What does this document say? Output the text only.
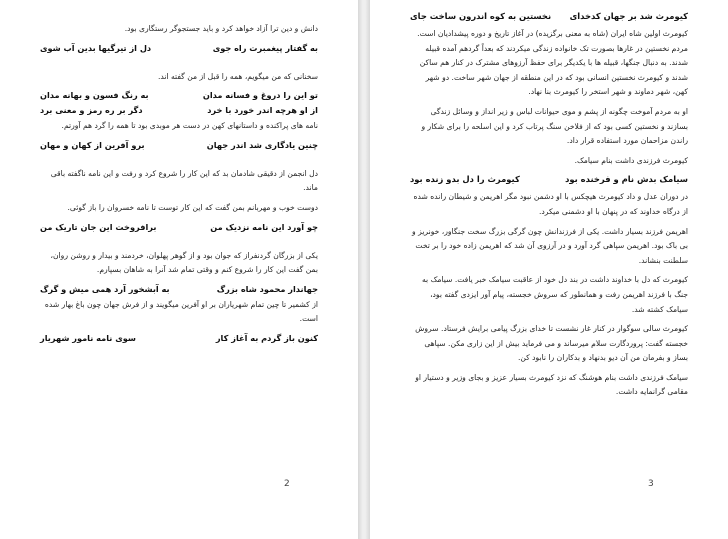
دانش و دین ترا آزاد خواهد کرد و باید جستجوگر رستگاری بود.

به گفتار پیغمبرت راه جوی
دل از تیرگیها بدین آب شوی

سخنانی که من میگویم، همه را قبل از من گفته اند.

تو این را دروغ و فسانه مدان
به رنگ فسون و بهانه مدان
از او هرچه اندر خورد با خرد
دگر بر ره رمز و معنی برد

نامه های پراکنده و داستانهای کهن در دست هر موبدی بود تا همه را گرد هم آورتم.

چنین یادگاری شد اندر جهان
برو آفرین از کهان و مهان

دل انجمن از دقیقی شادمان بد که این کار را شروع کرد و رفت و این نامه ناگفته باقی ماند.

دوست خوب و مهربانم بمن گفت که این کار توست تا نامه خسروان را باز گوئی.

چو آورد این نامه نزدیک من
برافروخت این جان تاریک من

یکی از بزرگان گردنفراز که جوان بود و از گوهر پهلوان، خردمند و بیدار و روشن روان، بمن گفت این کار را شروع کنم و وقتی تمام شد آنرا به شاهان بسپارم.

جهاندار محمود شاه بزرگ
به آبشخور آرد همی میش و گرگ

از کشمیر تا چین تمام شهریاران بر او آفرین میگویند و از فرش جهان چون باغ بهار شده است.

کنون باز گردم به آغاز کار
سوی نامه نامور شهریار
2
کیومرث شد بر جهان کدخدای
نخستین به کوه اندرون ساخت جای

کیومرث اولین شاه ایران (شاه به معنی برگزیده) در آغاز تاریخ و دوره پیشدادیان است. مردم نخستین در غارها بصورت تک خانواده زندگی میکردند که بعداً گردهم آمده قبیله شدند. به دنبال جنگها، قبیله ها با یکدیگر برای حفظ آرزوهای مشترک در کنار هم ساکن شدند و کیومرث نخستین انسانی بود که در این منطقه از جهان شهر ساخت. دو شهر کهن، شهر دماوند و شهر استخر را کیومرث بنا نهاد.

او به مردم آموخت چگونه از پشم و موی حیوانات لباس و زیر انداز و وسائل زندگی بسازند و نخستین کسی بود که از فلاخن سنگ پرتاب کرد و این اسلحه را برای شکار و راندن مزاحمان مورد استفاده قرار داد.

کیومرث فرزندی داشت بنام سیامک.

سیامک بدش نام و فرخنده بود
کیومرث را دل بدو زنده بود

در دوران عدل و داد کیومرث هیچکس با او دشمن نبود مگر اهریمن و شیطان رانده شده از درگاه خداوند که در پنهان با او دشمنی میکرد.

اهریمن فرزند بسیار داشت. یکی از فرزندانش چون گرگی بزرگ سخت جنگاور، خونریز و بی باک بود. اهریمن سپاهی گرد آورد و در آرزوی آن شد که اهریمن زاده خود را بر تخت سلطنت بنشاند.

کیومرث که دل با خداوند داشت در بند دل خود از عاقبت سیامک خبر یافت. سیامک به جنگ با فرزند اهریمن رفت و همانطور که سروش خجسته، پیام آور ایزدی گفته بود، سیامک کشته شد.

کیومرث سالی سوگوار در کنار غار نشست تا خدای بزرگ پیامی برایش فرستاد. سروش خجسته گفت: پروردگارت سلام میرساند و می فرماید بیش از این زاری مکن. سپاهی بساز و بفرمان من آن دیو بدنهاد و بدکاران را نابود کن.

سیامک فرزندی داشت بنام هوشنگ که نزد کیومرث بسیار عزیز و بجای وزیر و دستیار او مقامی گرانمایه داشت.

3
